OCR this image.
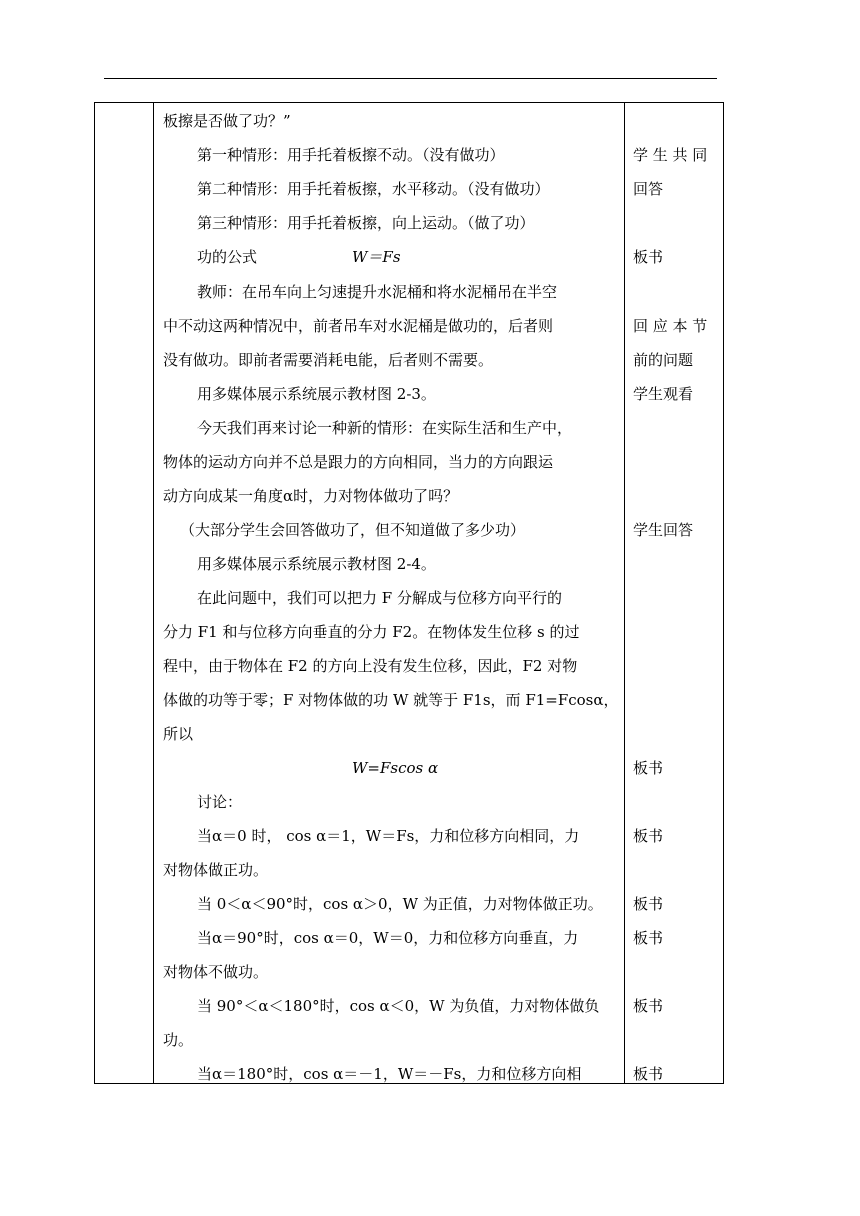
板擦是否做了功？”
第一种情形：用手托着板擦不动。（没有做功）
第二种情形：用手托着板擦，水平移动。（没有做功）
第三种情形：用手托着板擦，向上运动。（做了功）
功的公式	W＝Fs
教师：在吊车向上匀速提升水泥桶和将水泥桶吊在半空
中不动这两种情况中，前者吊车对水泥桶是做功的，后者则
没有做功。即前者需要消耗电能，后者则不需要。
用多媒体展示系统展示教材图 2-3。
今天我们再来讨论一种新的情形：在实际生活和生产中，
物体的运动方向并不总是跟力的方向相同，当力的方向跟运
动方向成某一角度α时，力对物体做功了吗？
（大部分学生会回答做功了，但不知道做了多少功）
用多媒体展示系统展示教材图 2-4。
在此问题中，我们可以把力 F 分解成与位移方向平行的
分力 F1 和与位移方向垂直的分力 F2。在物体发生位移 s 的过
程中，由于物体在 F2 的方向上没有发生位移，因此，F2 对物
体做的功等于零；F 对物体做的功 W 就等于 F1s，而 F1=Fcosα，
所以
W=Fscos α
讨论：
当α＝0 时， cos α＝1，W＝Fs，力和位移方向相同，力
对物体做正功。
当 0＜α＜90°时，cos α＞0，W 为正值，力对物体做正功。
当α＝90°时，cos α＝0，W＝0，力和位移方向垂直，力
对物体不做功。
当 90°＜α＜180°时，cos α＜0，W 为负值，力对物体做负
功。
当α＝180°时，cos α＝－1，W＝－Fs，力和位移方向相
学 生 共 同
回答
板书
回 应 本 节
前的问题
学生观看
学生回答
板书
板书
板书
板书
板书
板书
